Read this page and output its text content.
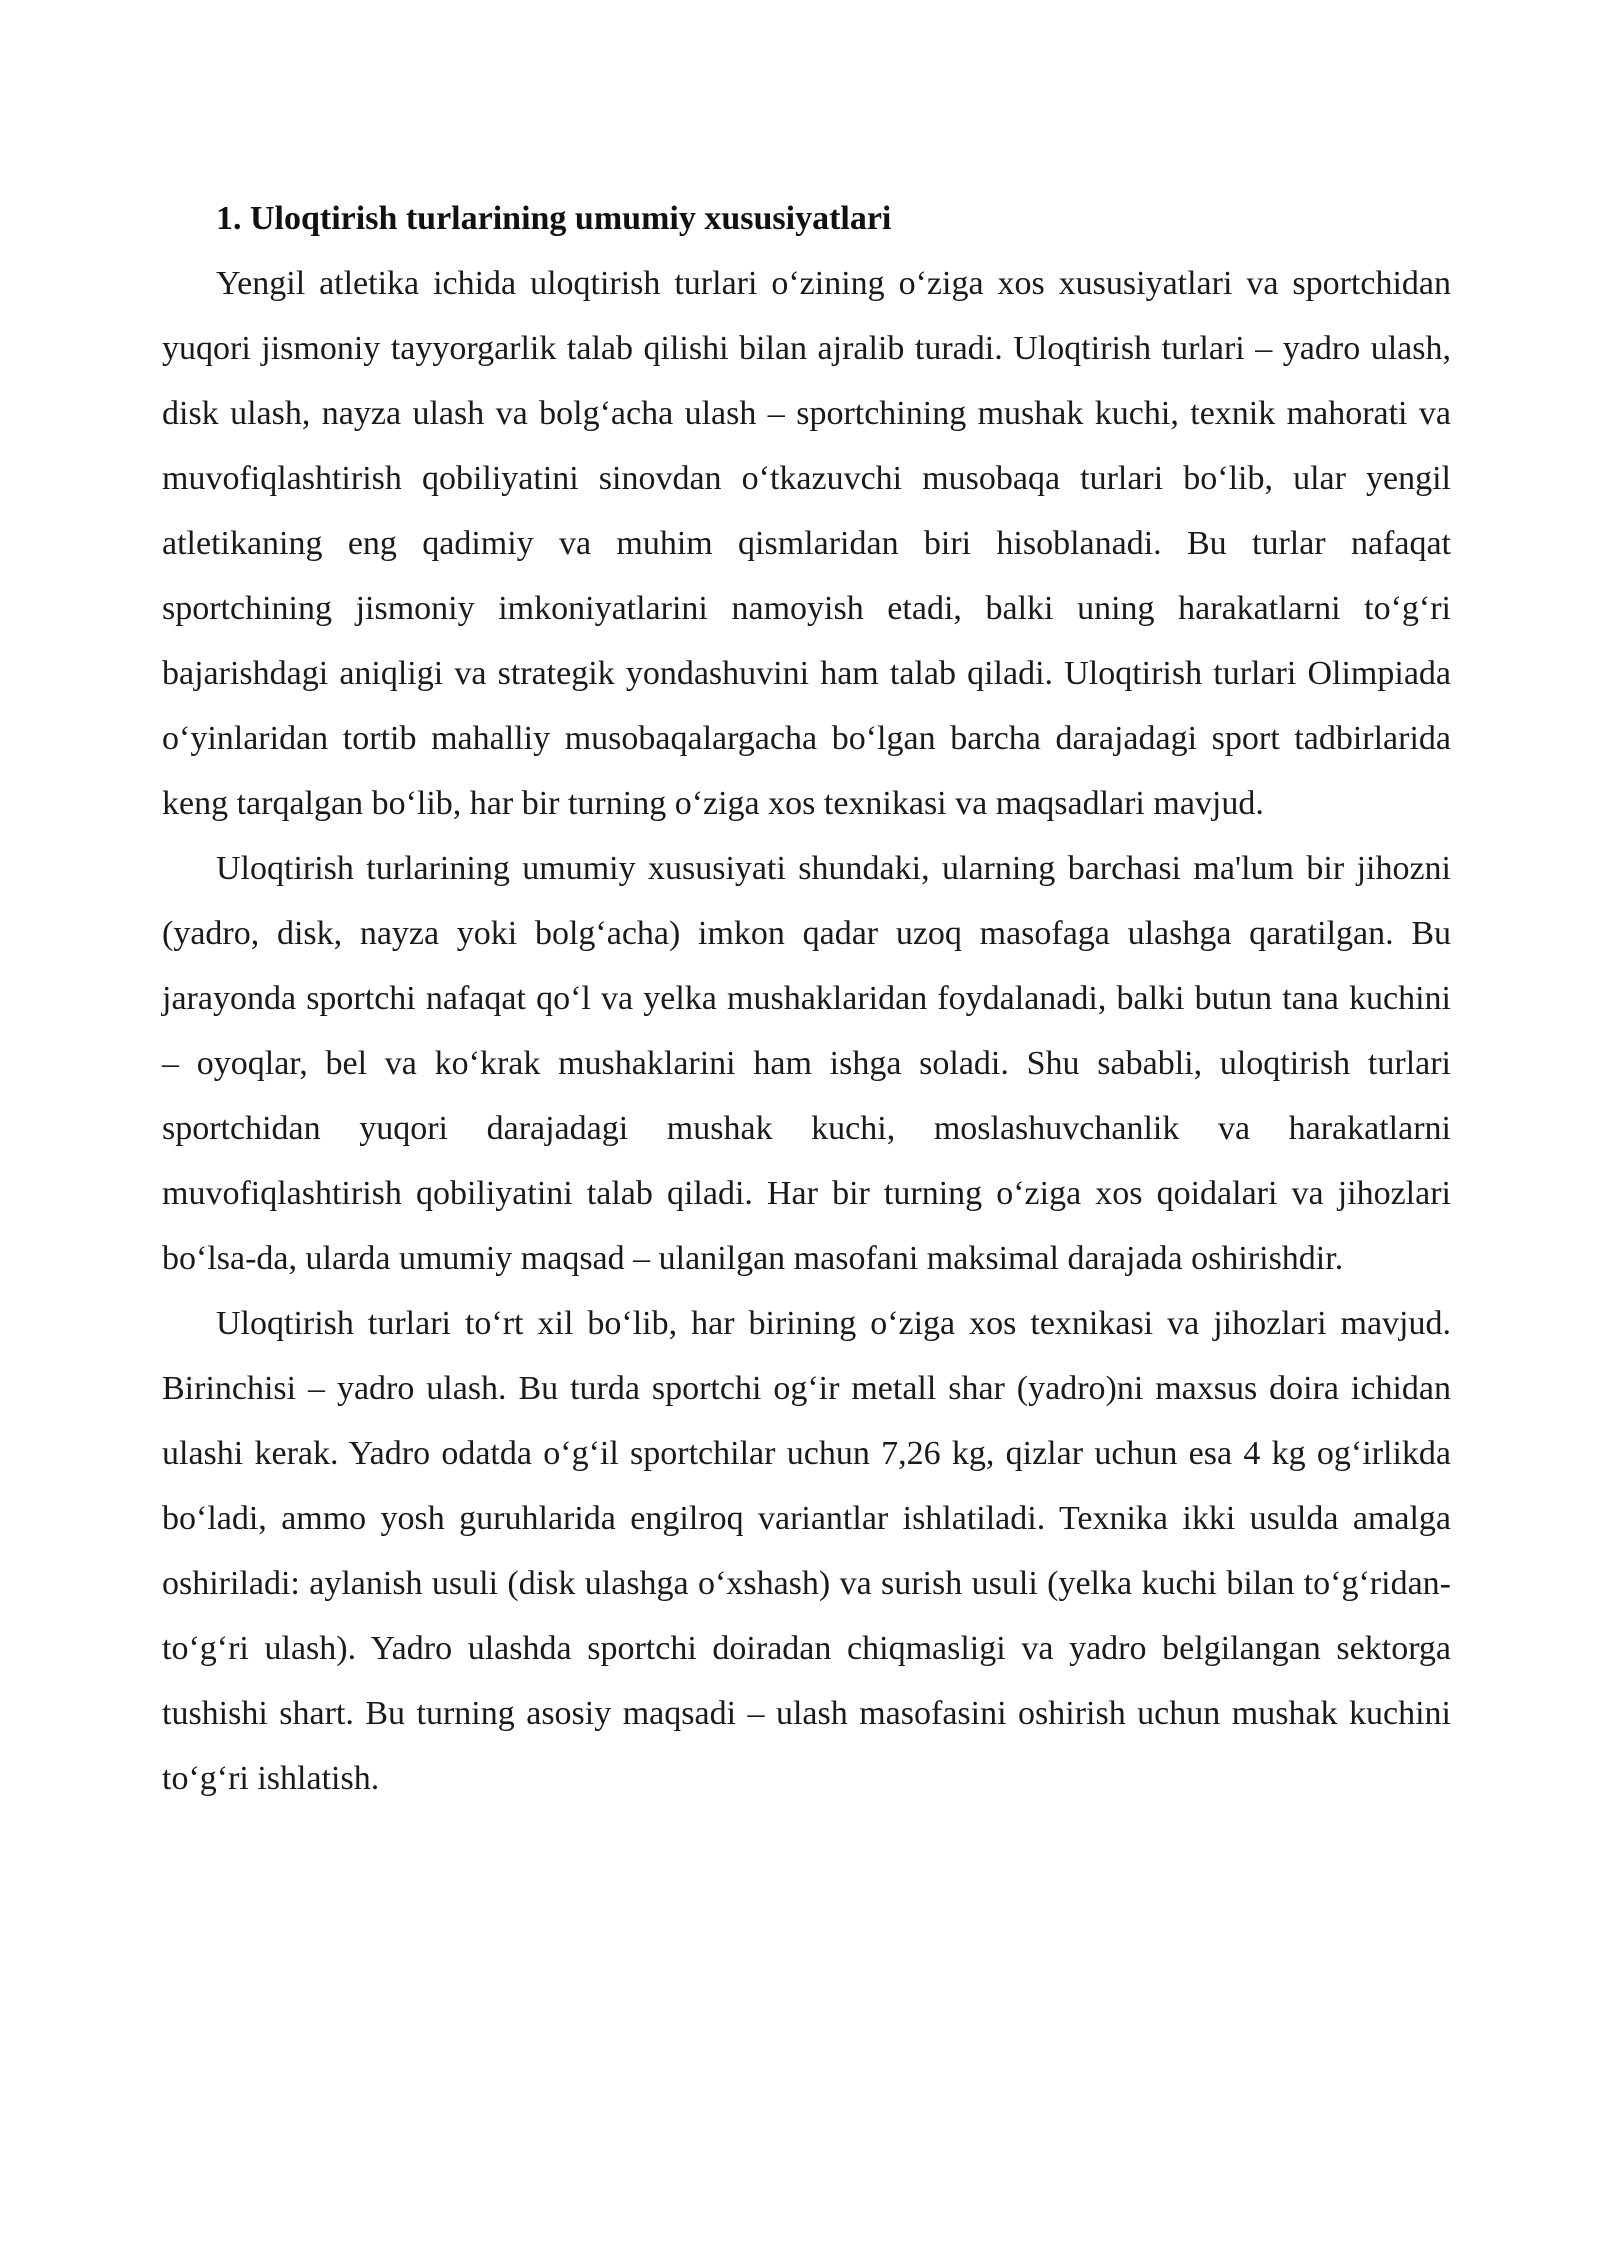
1. Uloqtirish turlarining umumiy xususiyatlari

Yengil atletika ichida uloqtirish turlari o‘zining o‘ziga xos xususiyatlari va sportchidan yuqori jismoniy tayyorgarlik talab qilishi bilan ajralib turadi. Uloqtirish turlari – yadro ulash, disk ulash, nayza ulash va bolg‘acha ulash – sportchining mushak kuchi, texnik mahorati va muvofiqlashtirish qobiliyatini sinovdan o‘tkazuvchi musobaqa turlari bo‘lib, ular yengil atletikaning eng qadimiy va muhim qismlaridan biri hisoblanadi. Bu turlar nafaqat sportchining jismoniy imkoniyatlarini namoyish etadi, balki uning harakatlarni to‘g‘ri bajarishdagi aniqligi va strategik yondashuvini ham talab qiladi. Uloqtirish turlari Olimpiada o‘yinlaridan tortib mahalliy musobaqalargacha bo‘lgan barcha darajadagi sport tadbirlarida keng tarqalgan bo‘lib, har bir turning o‘ziga xos texnikasi va maqsadlari mavjud.

Uloqtirish turlarining umumiy xususiyati shundaki, ularning barchasi ma'lum bir jihozni (yadro, disk, nayza yoki bolg‘acha) imkon qadar uzoq masofaga ulashga qaratilgan. Bu jarayonda sportchi nafaqat qo‘l va yelka mushaklaridan foydalanadi, balki butun tana kuchini – oyoqlar, bel va ko‘krak mushaklarini ham ishga soladi. Shu sababli, uloqtirish turlari sportchidan yuqori darajadagi mushak kuchi, moslashuvchanlik va harakatlarni muvofiqlashtirish qobiliyatini talab qiladi. Har bir turning o‘ziga xos qoidalari va jihozlari bo‘lsa-da, ularda umumiy maqsad – ulanilgan masofani maksimal darajada oshirishdir.

Uloqtirish turlari to‘rt xil bo‘lib, har birining o‘ziga xos texnikasi va jihozlari mavjud. Birinchisi – yadro ulash. Bu turda sportchi og‘ir metall shar (yadro)ni maxsus doira ichidan ulashi kerak. Yadro odatda o‘g‘il sportchilar uchun 7,26 kg, qizlar uchun esa 4 kg og‘irlikda bo‘ladi, ammo yosh guruhlarida engilroq variantlar ishlatiladi. Texnika ikki usulda amalga oshiriladi: aylanish usuli (disk ulashga o‘xshash) va surish usuli (yelka kuchi bilan to‘g‘ridan-to‘g‘ri ulash). Yadro ulashda sportchi doiradan chiqmasligi va yadro belgilangan sektorga tushishi shart. Bu turning asosiy maqsadi – ulash masofasini oshirish uchun mushak kuchini to‘g‘ri ishlatish.
